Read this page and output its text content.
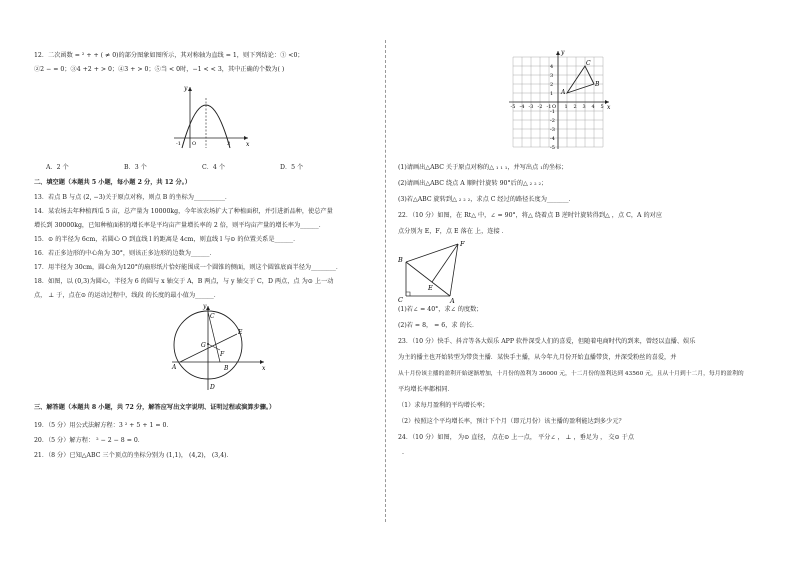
12．二次函数 = ² + + ( ≠ 0)的部分图象如图所示，其对称轴为直线 = 1，则下列结论：① <0；
②2 − = 0；③4 +2 + > 0；④3 + > 0；⑤当 < 0时，−1 < < 3，其中正确的个数为( )
y
x
O
-1	3
A．2 个	B．3 个	C．4 个	D．5 个
二、填空题（本题共 5 小题，每小题 2 分，共 12 分。）
13．若点 B 与点 (2, −3)关于原点对称，则点 B 的坐标为__________．
14．某农场去年种植西瓜 5 亩，总产量为 10000kg，今年该农场扩大了种植面积，并引进新品种，使总产量
增长到 30000kg，已知种植面积的增长率是平均亩产量增长率的 2 倍，则平均亩产量的增长率为______．
15．⊙ 的半径为 6cm，若圆心 O 到直线 l 的距离是 4cm，则直线 l 与⊙ 的位置关系是______．
16．若正多边形的中心角为 30°，则该正多边形的边数为______．
17．用半径为 30cm，圆心角为120°的扇形纸片恰好能围成一个圆锥的侧面，则这个圆锥底面半径为________．
18．如图，以 (0,3)为圆心，半径为 6 的圆与 x 轴交于 A，B 两点，与 y 轴交于 C，D 两点，点 为⊙ 上一动
点， ⊥ 于，点在⊙ 的运动过程中，线段 的长度的最小值为______．
y
x
C
G
E
F
A	B
D
三、解答题（本题共 8 小题，共 72 分，解答应写出文字说明、证明过程或演算步骤。）
19．（5 分）用公式法解方程：3 ² + 5 + 1 = 0．
20．（5 分）解方程： ² − 2 − 8 = 0．
21．（8 分）已知△ABC 三个顶点的坐标分别为 (1,1)， (4,2)， (3,4)．
-5 -4 -3 -2 -1	1 2 3 4 5
4
3
2
1
-1
-2
-3
-4
-5
A
B
C
O
y
x
(1)请画出△ABC 关于原点对称的△ ₁ ₁ ₁，并写出点 ₁的坐标；
(2)请画出△ABC 绕点 A 顺时针旋转 90°后的△ ₂ ₂ ₂；
(3)若△ABC 旋转到△ ₂ ₂ ₂，求点 C 经过的路径长度为_______．
22．（10 分）如图，在 Rt△ 中，∠ = 90°，将△ 绕着点 B 逆时针旋转得到△ ，点 C，A 的对应
点分别为 E，F，点 E 落在 上，连接 ．
F
B
E
C	A
(1)若∠ = 40°，求∠ 的度数；
(2)若 = 8， = 6，求 的长．
23．（10 分）快手、抖音等各大娱乐 APP 软件深受人们的喜爱，但随着电商时代的到来，曾经以直播、娱乐
为主的播主也开始转型为带货主播．某快手主播，从今年九月份开始直播带货，并深受粉丝的喜爱，并
从十月份该主播的盈利开始逐渐增加，十月份的盈利为 36000 元，十二月份的盈利达到 43560 元，且从十月到十二月，每月的盈利的
平均增长率都相同．
（1）求每月盈利的平均增长率；
（2）按照这个平均增长率，预计下个月（即元月份）该主播的盈利能达到多少元？
24．（10 分）如图， 为⊙ 直径， 点在⊙ 上一点， 平分∠ ， ⊥ ，垂足为 ， 交⊙ 于点
.
